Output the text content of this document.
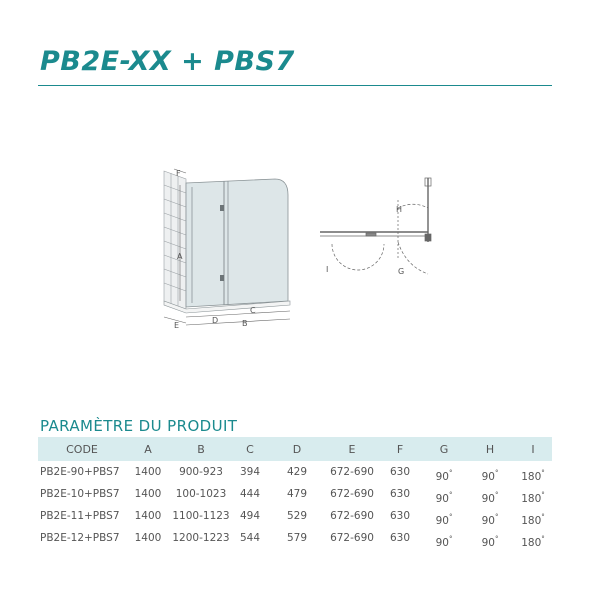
PB2E-XX + PBS7
F
A
E
D
C
B
H
I	G
PARAMÈTRE DU PRODUIT
CODE	A	B	C	D	E	F	G	H	I
PB2E-90+PBS7	1400	900-923	394	429	672-690	630	90°	90°	180°
PB2E-10+PBS7	1400	100-1023	444	479	672-690	630	90°	90°	180°
PB2E-11+PBS7	1400	1100-1123	494	529	672-690	630	90°	90°	180°
PB2E-12+PBS7	1400	1200-1223	544	579	672-690	630	90°	90°	180°
